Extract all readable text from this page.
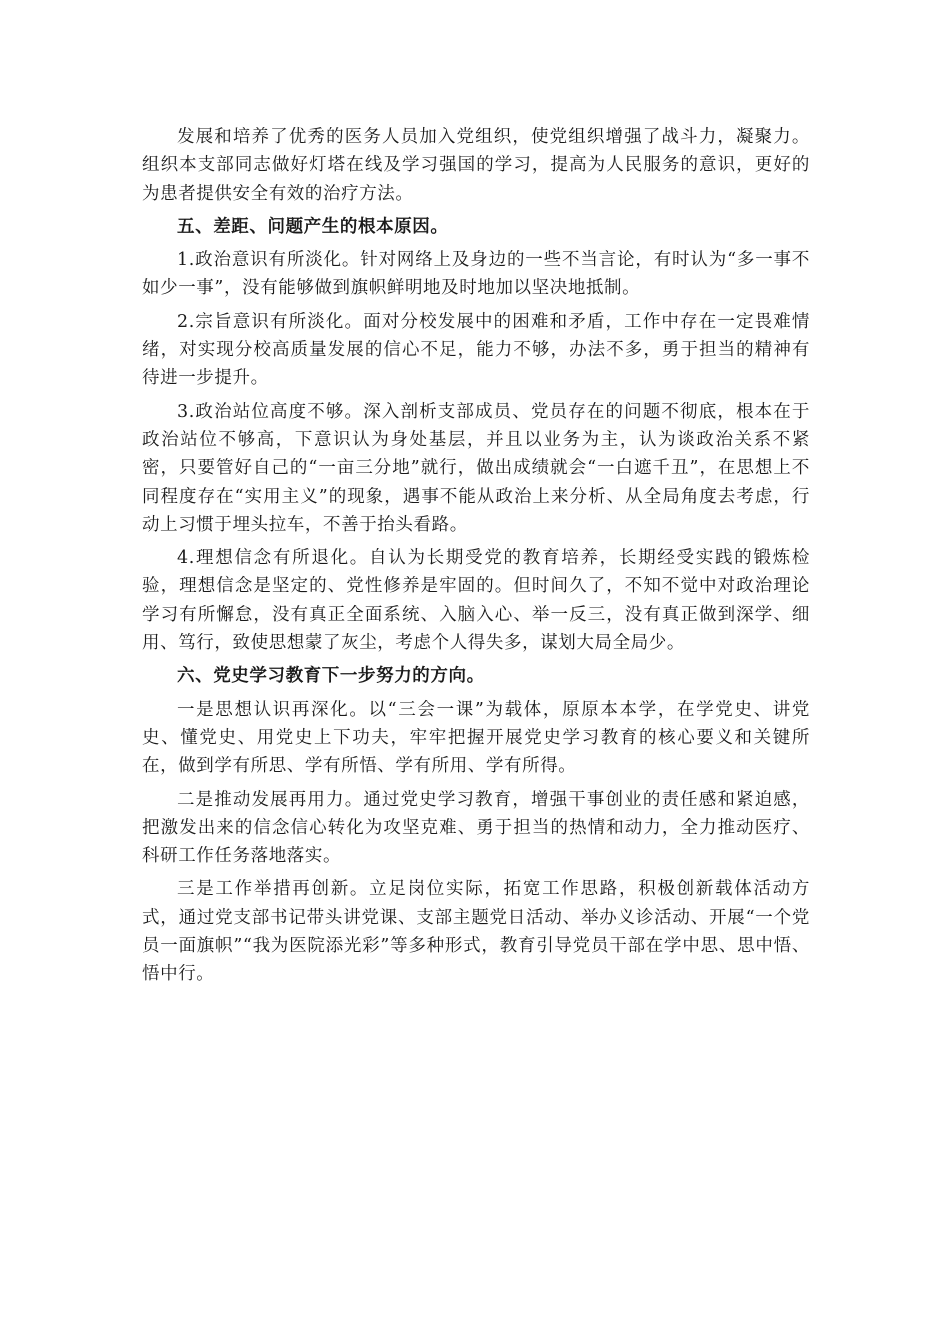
发展和培养了优秀的医务人员加入党组织，使党组织增强了战斗力，凝聚力。组织本支部同志做好灯塔在线及学习强国的学习，提高为人民服务的意识，更好的为患者提供安全有效的治疗方法。

五、差距、问题产生的根本原因。

1.政治意识有所淡化。针对网络上及身边的一些不当言论，有时认为“多一事不如少一事”，没有能够做到旗帜鲜明地及时地加以坚决地抵制。

2.宗旨意识有所淡化。面对分校发展中的困难和矛盾，工作中存在一定畏难情绪，对实现分校高质量发展的信心不足，能力不够，办法不多，勇于担当的精神有待进一步提升。

3.政治站位高度不够。深入剖析支部成员、党员存在的问题不彻底，根本在于政治站位不够高，下意识认为身处基层，并且以业务为主，认为谈政治关系不紧密，只要管好自己的“一亩三分地”就行，做出成绩就会“一白遮千丑”，在思想上不同程度存在“实用主义”的现象，遇事不能从政治上来分析、从全局角度去考虑，行动上习惯于埋头拉车，不善于抬头看路。

4.理想信念有所退化。自认为长期受党的教育培养，长期经受实践的锻炼检验，理想信念是坚定的、党性修养是牢固的。但时间久了，不知不觉中对政治理论学习有所懈怠，没有真正全面系统、入脑入心、举一反三，没有真正做到深学、细用、笃行，致使思想蒙了灰尘，考虑个人得失多，谋划大局全局少。

六、党史学习教育下一步努力的方向。

一是思想认识再深化。以“三会一课”为载体，原原本本学，在学党史、讲党史、懂党史、用党史上下功夫，牢牢把握开展党史学习教育的核心要义和关键所在，做到学有所思、学有所悟、学有所用、学有所得。

二是推动发展再用力。通过党史学习教育，增强干事创业的责任感和紧迫感，把激发出来的信念信心转化为攻坚克难、勇于担当的热情和动力，全力推动医疗、科研工作任务落地落实。

三是工作举措再创新。立足岗位实际，拓宽工作思路，积极创新载体活动方式，通过党支部书记带头讲党课、支部主题党日活动、举办义诊活动、开展“一个党员一面旗帜”“我为医院添光彩”等多种形式，教育引导党员干部在学中思、思中悟、悟中行。
